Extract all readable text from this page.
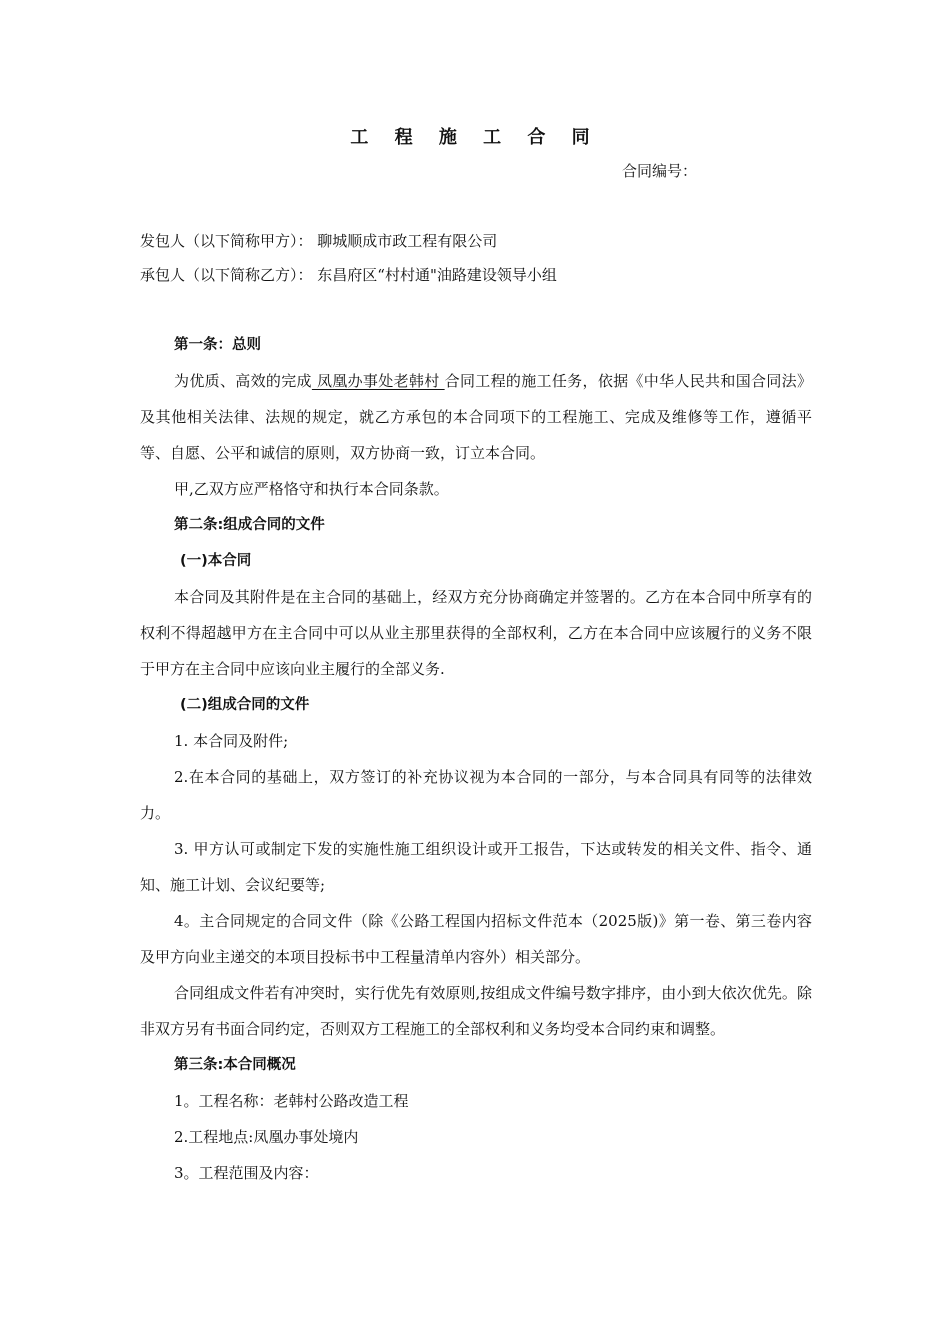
工 程 施 工 合 同
合同编号：
发包人（以下简称甲方）： 聊城顺成市政工程有限公司
承包人（以下简称乙方）： 东昌府区“村村通"油路建设领导小组

第一条：总则

为优质、高效的完成 凤凰办事处老韩村 合同工程的施工任务，依据《中华人民共和国合同法》及其他相关法律、法规的规定，就乙方承包的本合同项下的工程施工、完成及维修等工作，遵循平等、自愿、公平和诚信的原则，双方协商一致，订立本合同。

甲,乙双方应严格恪守和执行本合同条款。

第二条:组成合同的文件

(一)本合同

本合同及其附件是在主合同的基础上，经双方充分协商确定并签署的。乙方在本合同中所享有的权利不得超越甲方在主合同中可以从业主那里获得的全部权利，乙方在本合同中应该履行的义务不限于甲方在主合同中应该向业主履行的全部义务.

(二)组成合同的文件

1. 本合同及附件;

2.在本合同的基础上，双方签订的补充协议视为本合同的一部分，与本合同具有同等的法律效力。

3. 甲方认可或制定下发的实施性施工组织设计或开工报告，下达或转发的相关文件、指令、通知、施工计划、会议纪要等;

4。主合同规定的合同文件（除《公路工程国内招标文件范本（2025版)》第一卷、第三卷内容及甲方向业主递交的本项目投标书中工程量清单内容外）相关部分。

合同组成文件若有冲突时，实行优先有效原则,按组成文件编号数字排序，由小到大依次优先。除非双方另有书面合同约定，否则双方工程施工的全部权利和义务均受本合同约束和调整。

第三条:本合同概况

1。工程名称：老韩村公路改造工程

2.工程地点:凤凰办事处境内

3。工程范围及内容：
